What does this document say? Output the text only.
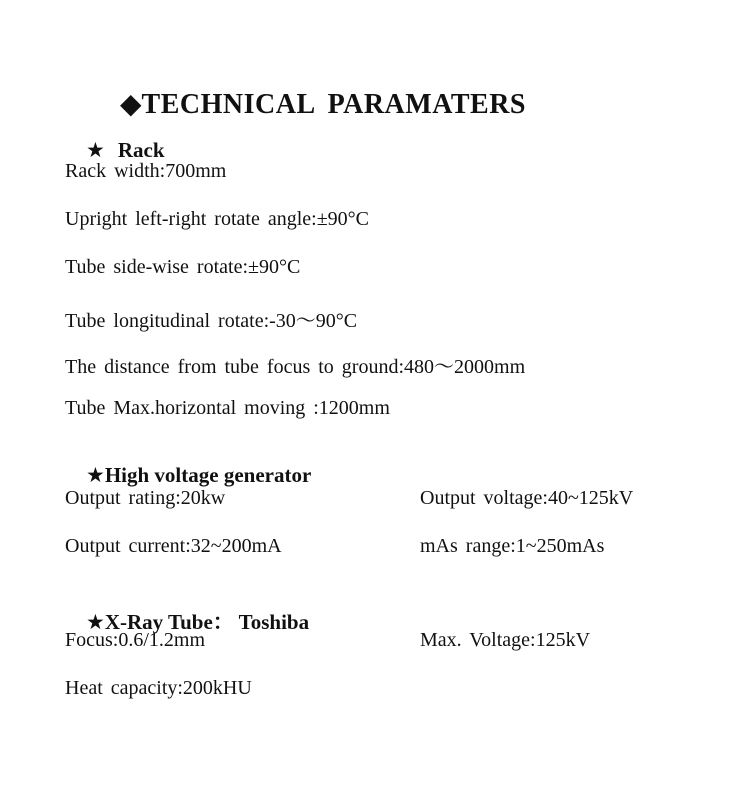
◆TECHNICAL PARAMATERS

★ Rack

Rack width:700mm
Upright left-right rotate angle:±90°C
Tube side-wise rotate:±90°C
Tube longitudinal rotate:-30～90°C
The distance from tube focus to ground:480～2000mm
Tube Max.horizontal moving :1200mm

★High voltage generator

Output rating:20kw	Output voltage:40~125kV
Output current:32~200mA	mAs range:1~250mAs

★X-Ray Tube： Toshiba

Focus:0.6/1.2mm	Max. Voltage:125kV
Heat capacity:200kHU
